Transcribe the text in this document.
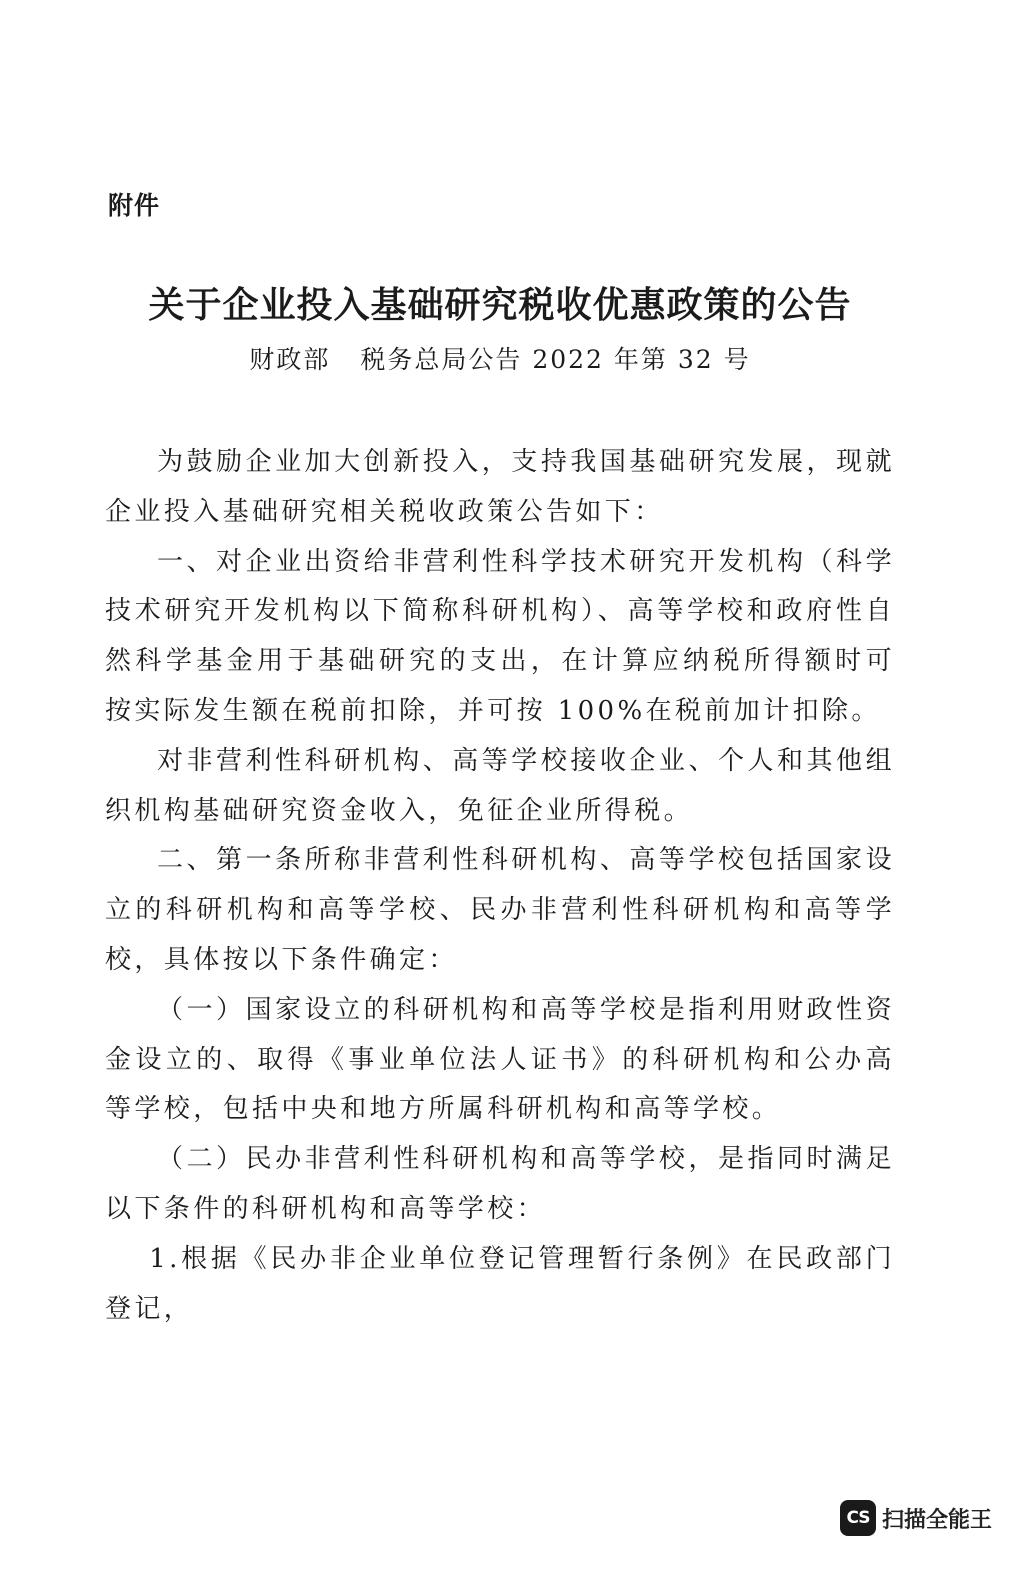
附件
关于企业投入基础研究税收优惠政策的公告
财政部 税务总局公告 2022 年第 32 号

为鼓励企业加大创新投入，支持我国基础研究发展，现就企业投入基础研究相关税收政策公告如下：

一、对企业出资给非营利性科学技术研究开发机构（科学技术研究开发机构以下简称科研机构）、高等学校和政府性自然科学基金用于基础研究的支出，在计算应纳税所得额时可按实际发生额在税前扣除，并可按 100%在税前加计扣除。

对非营利性科研机构、高等学校接收企业、个人和其他组织机构基础研究资金收入，免征企业所得税。

二、第一条所称非营利性科研机构、高等学校包括国家设立的科研机构和高等学校、民办非营利性科研机构和高等学校，具体按以下条件确定：

（一）国家设立的科研机构和高等学校是指利用财政性资金设立的、取得《事业单位法人证书》的科研机构和公办高等学校，包括中央和地方所属科研机构和高等学校。

（二）民办非营利性科研机构和高等学校，是指同时满足以下条件的科研机构和高等学校：

1.根据《民办非企业单位登记管理暂行条例》在民政部门登记，

CS 扫描全能王
